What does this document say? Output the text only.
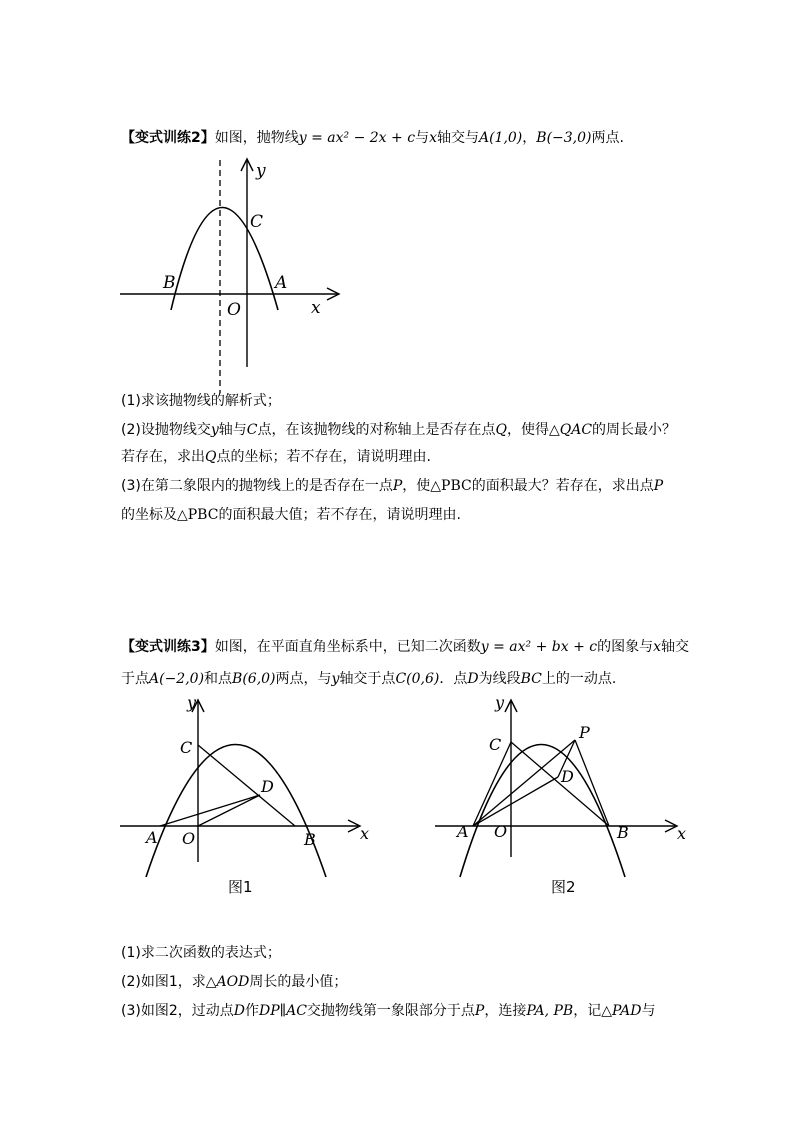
【变式训练2】如图，抛物线y = ax² − 2x + c与x轴交与A(1,0)，B(−3,0)两点.
y
x
C
B	A
O
(1)求该抛物线的解析式；
(2)设抛物线交y轴与C点，在该抛物线的对称轴上是否存在点Q，使得△QAC的周长最小？
若存在，求出Q点的坐标；若不存在，请说明理由.
(3)在第二象限内的抛物线上的是否存在一点P，使△PBC的面积最大？若存在，求出点P
的坐标及△PBC的面积最大值；若不存在，请说明理由.
【变式训练3】如图，在平面直角坐标系中，已知二次函数y = ax² + bx + c的图象与x轴交
于点A(−2,0)和点B(6,0)两点，与y轴交于点C(0,6)．点D为线段BC上的一动点.
y
x
C
D
A O	B
图1
y
x
C
P
D
A O	B
图2
(1)求二次函数的表达式；
(2)如图1，求△AOD周长的最小值；
(3)如图2，过动点D作DP∥AC交抛物线第一象限部分于点P，连接PA, PB，记△PAD与
